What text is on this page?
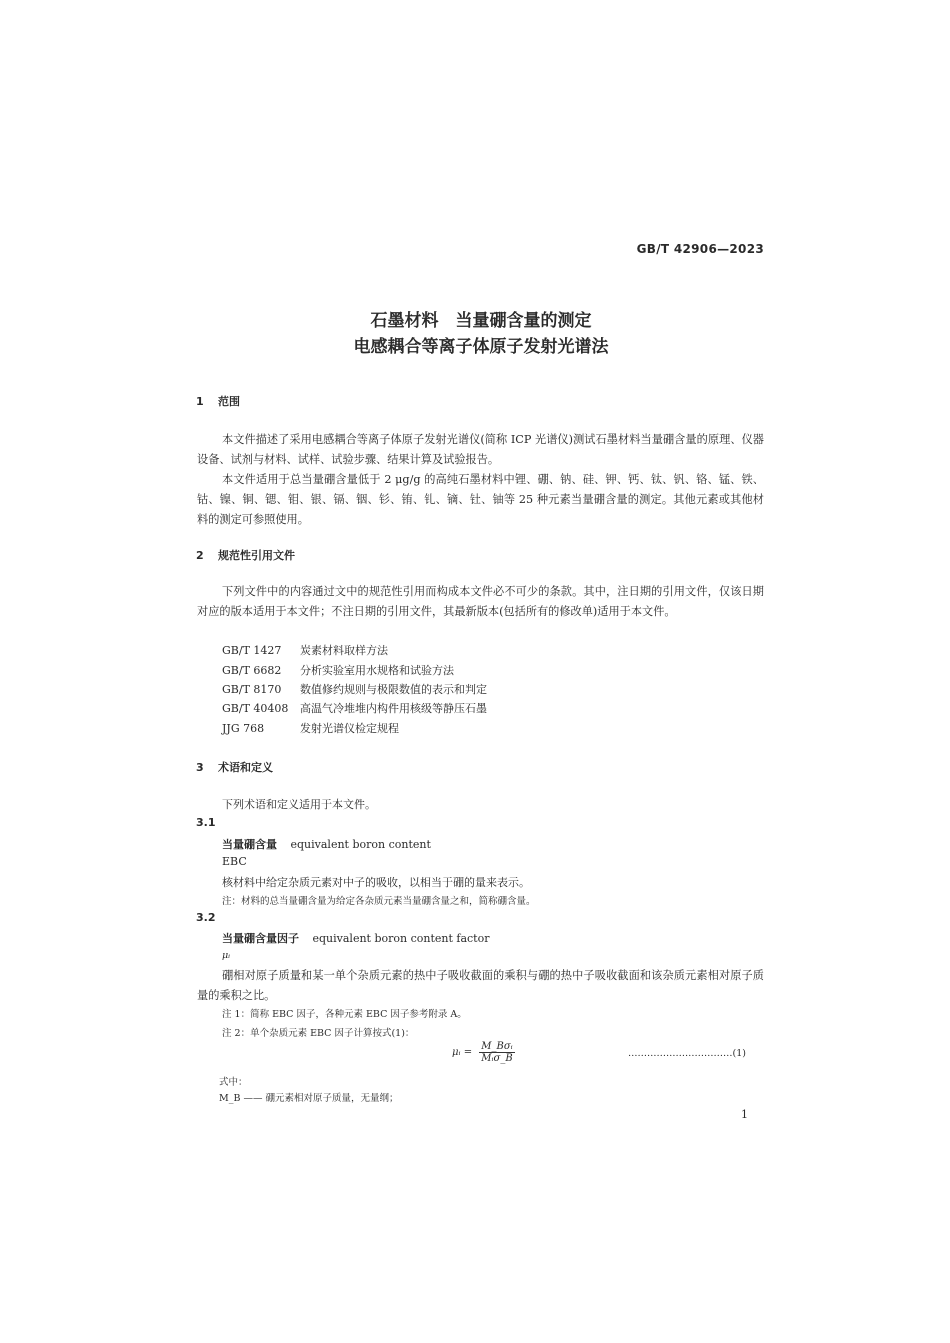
GB/T 42906—2023
石墨材料　当量硼含量的测定
电感耦合等离子体原子发射光谱法
1 范围
本文件描述了采用电感耦合等离子体原子发射光谱仪(简称 ICP 光谱仪)测试石墨材料当量硼含量的原理、仪器设备、试剂与材料、试样、试验步骤、结果计算及试验报告。
本文件适用于总当量硼含量低于 2 μg/g 的高纯石墨材料中锂、硼、钠、硅、钾、钙、钛、钒、铬、锰、铁、钴、镍、铜、锶、钼、银、镉、铟、钐、铕、钆、镝、钍、铀等 25 种元素当量硼含量的测定。其他元素或其他材料的测定可参照使用。
2 规范性引用文件
下列文件中的内容通过文中的规范性引用而构成本文件必不可少的条款。其中，注日期的引用文件，仅该日期对应的版本适用于本文件；不注日期的引用文件，其最新版本(包括所有的修改单)适用于本文件。
GB/T 1427 炭素材料取样方法
GB/T 6682 分析实验室用水规格和试验方法
GB/T 8170 数值修约规则与极限数值的表示和判定
GB/T 40408 高温气冷堆堆内构件用核级等静压石墨
JJG 768	发射光谱仪检定规程
3 术语和定义
下列术语和定义适用于本文件。
3.1
当量硼含量 equivalent boron content
EBC
核材料中给定杂质元素对中子的吸收，以相当于硼的量来表示。
注：材料的总当量硼含量为给定各杂质元素当量硼含量之和，简称硼含量。
3.2
当量硼含量因子 equivalent boron content factor
μᵢ
硼相对原子质量和某一单个杂质元素的热中子吸收截面的乘积与硼的热中子吸收截面和该杂质元素相对原子质量的乘积之比。
注 1：简称 EBC 因子，各种元素 EBC 因子参考附录 A。
注 2：单个杂质元素 EBC 因子计算按式(1)：
μᵢ = $\frac{\text{M\_Bσᵢ}}{\text{Mᵢσ\_B}}$	……………………………(1)
式中：
M_B —— 硼元素相对原子质量，无量纲；
1
